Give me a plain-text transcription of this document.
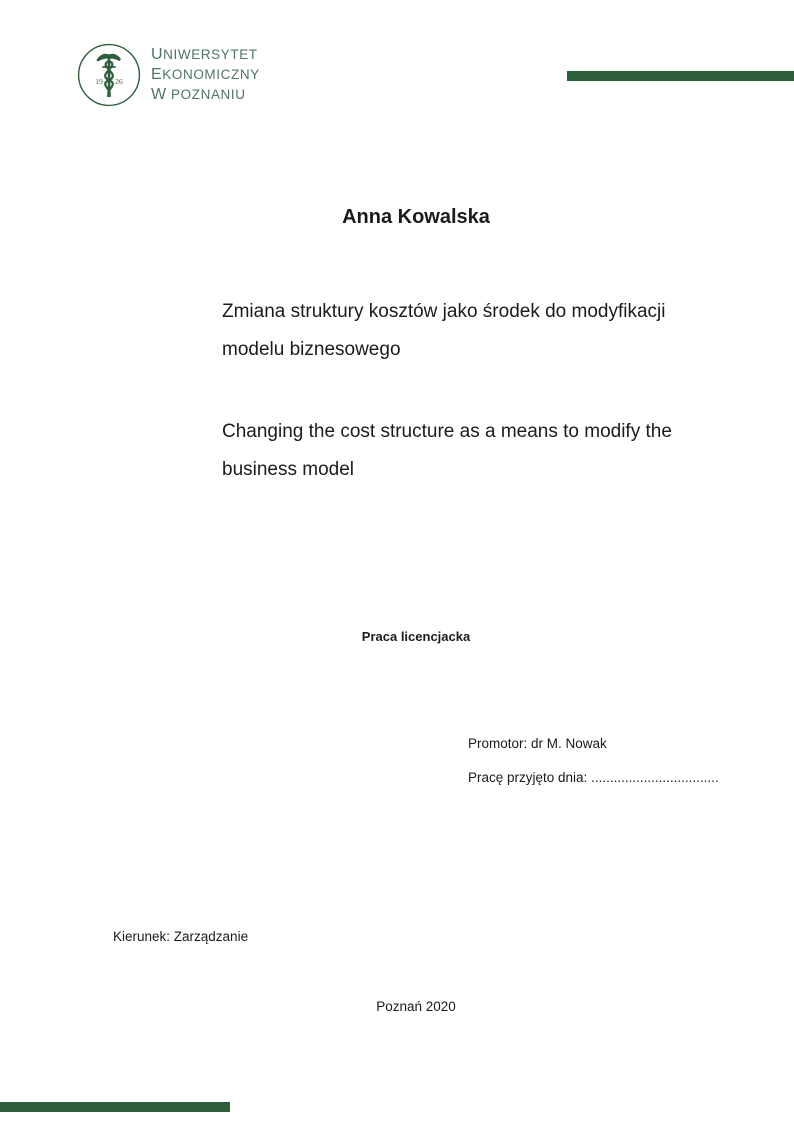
19 26
UNIWERSYTET
EKONOMICZNY
W POZNANIU
Anna Kowalska
Zmiana struktury kosztów jako środek do modyfikacji modelu biznesowego
Changing the cost structure as a means to modify the business model
Praca licencjacka
Promotor: dr M. Nowak
Pracę przyjęto dnia: ..................................
Kierunek: Zarządzanie
Poznań 2020
